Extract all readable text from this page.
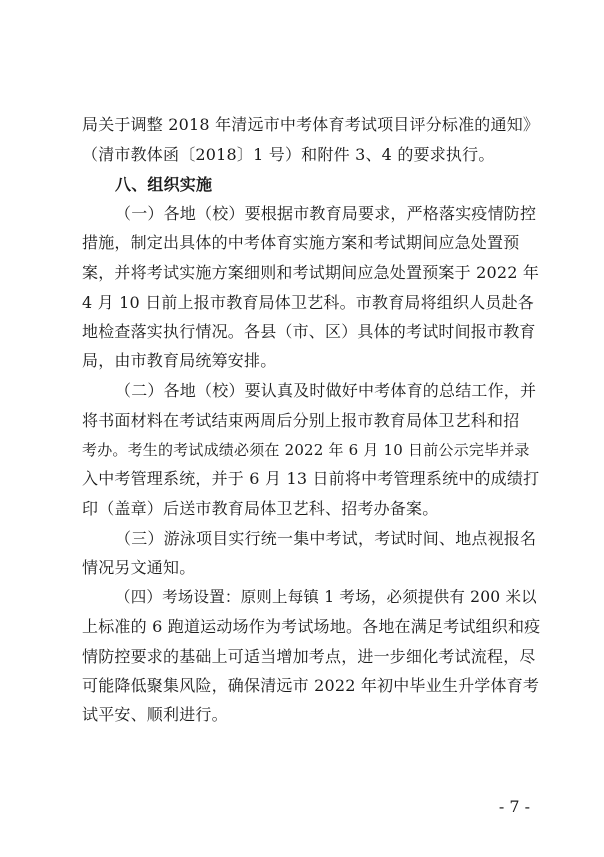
局关于调整 2018 年清远市中考体育考试项目评分标准的通知》
（清市教体函〔2018〕1 号）和附件 3、4 的要求执行。
八、组织实施
（一）各地（校）要根据市教育局要求，严格落实疫情防控
措施，制定出具体的中考体育实施方案和考试期间应急处置预
案，并将考试实施方案细则和考试期间应急处置预案于 2022 年
4 月 10 日前上报市教育局体卫艺科。市教育局将组织人员赴各
地检查落实执行情况。各县（市、区）具体的考试时间报市教育
局，由市教育局统筹安排。
（二）各地（校）要认真及时做好中考体育的总结工作，并
将书面材料在考试结束两周后分别上报市教育局体卫艺科和招
考办。考生的考试成绩必须在 2022 年 6 月 10 日前公示完毕并录
入中考管理系统，并于 6 月 13 日前将中考管理系统中的成绩打
印（盖章）后送市教育局体卫艺科、招考办备案。
（三）游泳项目实行统一集中考试，考试时间、地点视报名
情况另文通知。
（四）考场设置：原则上每镇 1 考场，必须提供有 200 米以
上标准的 6 跑道运动场作为考试场地。各地在满足考试组织和疫
情防控要求的基础上可适当增加考点，进一步细化考试流程，尽
可能降低聚集风险，确保清远市 2022 年初中毕业生升学体育考
试平安、顺利进行。
- 7 -
